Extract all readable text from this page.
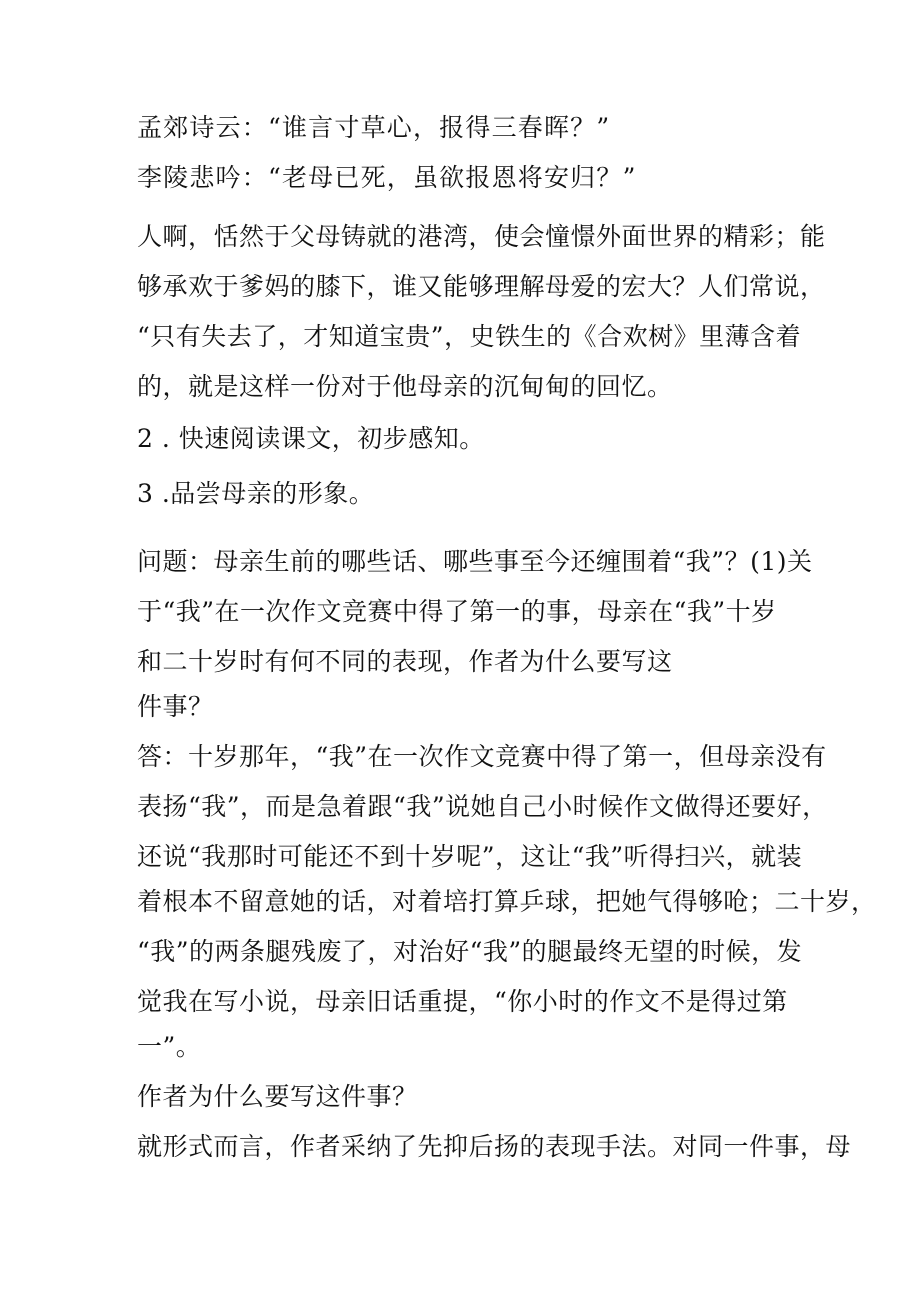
孟郊诗云：“谁言寸草心，报得三春晖？”
李陵悲吟：“老母已死，虽欲报恩将安归？”
人啊，恬然于父母铸就的港湾，使会憧憬外面世界的精彩；能
够承欢于爹妈的膝下，谁又能够理解母爱的宏大？人们常说，
“只有失去了，才知道宝贵”，史铁生的《合欢树》里薄含着
的，就是这样一份对于他母亲的沉甸甸的回忆。
2 . 快速阅读课文，初步感知。
3 .品尝母亲的形象。
问题：母亲生前的哪些话、哪些事至今还缠围着“我”？(1)关
于“我”在一次作文竞赛中得了第一的事，母亲在“我”十岁
和二十岁时有何不同的表现，作者为什么要写这
件事？
答：十岁那年，“我”在一次作文竞赛中得了第一，但母亲没有
表扬“我”，而是急着跟“我”说她自己小时候作文做得还要好，
还说“我那时可能还不到十岁呢”，这让“我”听得扫兴，就装
着根本不留意她的话，对着培打算乒球，把她气得够呛；二十岁，
“我”的两条腿残废了，对治好“我”的腿最终无望的时候，发
觉我在写小说，母亲旧话重提，“你小时的作文不是得过第
一”。
作者为什么要写这件事？
就形式而言，作者采纳了先抑后扬的表现手法。对同一件事，母
